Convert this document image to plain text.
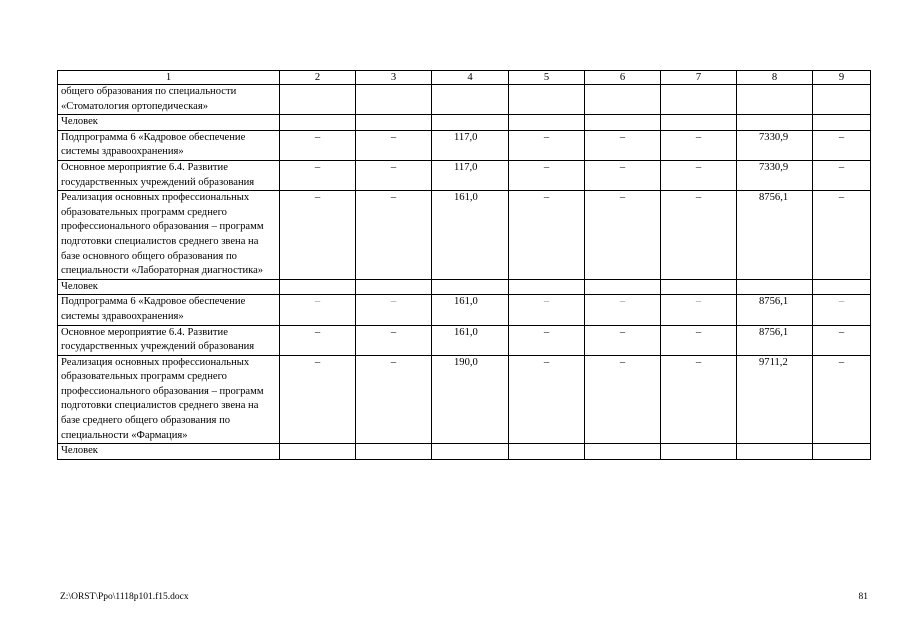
1	2	3	4	5	6	7	8	9
общего образования по специальности «Стоматология ортопедическая»								
Человек								
Подпрограмма 6 «Кадровое обеспечение системы здравоохранения»	–	–	117,0	–	–	–	7330,9	–
Основное мероприятие 6.4. Развитие государственных учреждений образования	–	–	117,0	–	–	–	7330,9	–
Реализация основных профессиональных образовательных программ среднего профессионального образования – программ подготовки специалистов среднего звена на базе основного общего образования по специальности «Лабораторная диагностика»	–	–	161,0	–	–	–	8756,1	–
Человек								
Подпрограмма 6 «Кадровое обеспечение системы здравоохранения»	–	–	161,0	–	–	–	8756,1	–
Основное мероприятие 6.4. Развитие государственных учреждений образования	–	–	161,0	–	–	–	8756,1	–
Реализация основных профессиональных образовательных программ среднего профессионального образования – программ подготовки специалистов среднего звена на базе среднего общего образования по специальности «Фармация»	–	–	190,0	–	–	–	9711,2	–
Человек								
Z:\ORST\Ppo\1118p101.f15.docx	81
